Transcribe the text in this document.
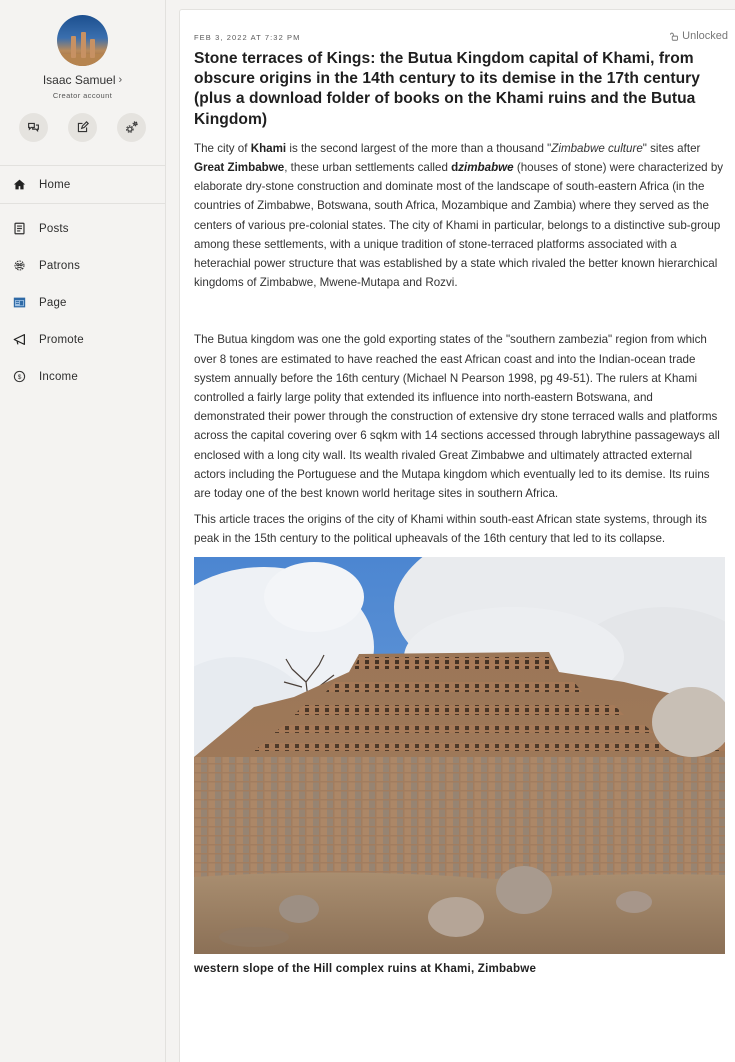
Isaac Samuel ›
Creator account
Home
Posts
Patrons
Page
Promote
$ Income
FEB 3, 2022 AT 7:32 PM	Unlocked
Stone terraces of Kings: the Butua Kingdom capital of Khami, from obscure origins in the 14th century to its demise in the 17th century (plus a download folder of books on the Khami ruins and the Butua Kingdom)

The city of Khami is the second largest of the more than a thousand "Zimbabwe culture" sites after Great Zimbabwe, these urban settlements called dzimbabwe (houses of stone) were characterized by elaborate dry-stone construction and dominate most of the landscape of south-eastern Africa (in the countries of Zimbabwe, Botswana, south Africa, Mozambique and Zambia) where they served as the centers of various pre-colonial states. The city of Khami in particular, belongs to a distinctive sub-group among these settlements, with a unique tradition of stone-terraced platforms associated with a heterachial power structure that was established by a state which rivaled the better known hierarchical kingdoms of Zimbabwe, Mwene-Mutapa and Rozvi.

The Butua kingdom was one the gold exporting states of the "southern zambezia" region from which over 8 tones are estimated to have reached the east African coast and into the Indian-ocean trade system annually before the 16th century (Michael N Pearson 1998, pg 49-51). The rulers at Khami controlled a fairly large polity that extended its influence into north-eastern Botswana, and demonstrated their power through the construction of extensive dry stone terraced walls and platforms across the capital covering over 6 sqkm with 14 sections accessed through labrythine passageways all enclosed with a long city wall. Its wealth rivaled Great Zimbabwe and ultimately attracted external actors including the Portuguese and the Mutapa kingdom which eventually led to its demise. Its ruins are today one of the best known world heritage sites in southern Africa.

This article traces the origins of the city of Khami within south-east African state systems, through its peak in the 15th century to the political upheavals of the 16th century that led to its collapse.

western slope of the Hill complex ruins at Khami, Zimbabwe
